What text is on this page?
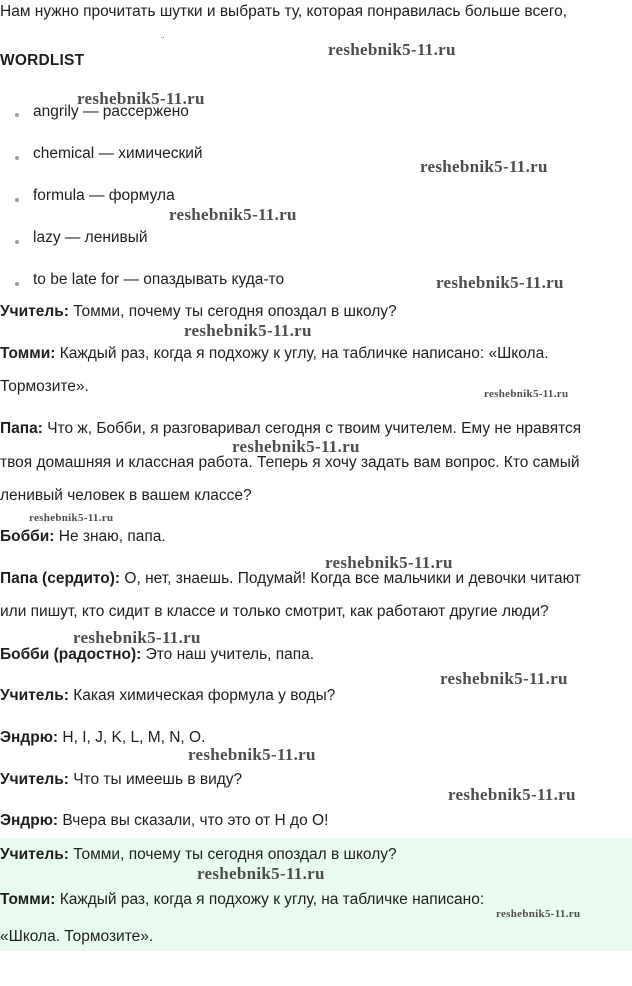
Нам нужно прочитать шутки и выбрать ту, которая понравилась больше всего,
¨
WORDLIST
angrily — рассержено
chemical — химический
formula — формула
lazy — ленивый
to be late for — опаздывать куда-то
Учитель: Томми, почему ты сегодня опоздал в школу?
Томми: Каждый раз, когда я подхожу к углу, на табличке написано: «Школа.
Тормозите».
Папа: Что ж, Бобби, я разговаривал сегодня с твоим учителем. Ему не нравятся
твоя домашняя и классная работа. Теперь я хочу задать вам вопрос. Кто самый
ленивый человек в вашем классе?
Бобби: Не знаю, папа.
Папа (сердито): О, нет, знаешь. Подумай! Когда все мальчики и девочки читают
или пишут, кто сидит в классе и только смотрит, как работают другие люди?
Бобби (радостно): Это наш учитель, папа.
Учитель: Какая химическая формула у воды?
Эндрю: H, I, J, K, L, M, N, O.
Учитель: Что ты имеешь в виду?
Эндрю: Вчера вы сказали, что это от H до O!
Учитель: Томми, почему ты сегодня опоздал в школу?
Томми: Каждый раз, когда я подхожу к углу, на табличке написано:
«Школа. Тормозите».
reshebnik5-11.ru
reshebnik5-11.ru
reshebnik5-11.ru
reshebnik5-11.ru
reshebnik5-11.ru
reshebnik5-11.ru
reshebnik5-11.ru
reshebnik5-11.ru
reshebnik5-11.ru
reshebnik5-11.ru
reshebnik5-11.ru
reshebnik5-11.ru
reshebnik5-11.ru
reshebnik5-11.ru
reshebnik5-11.ru
reshebnik5-11.ru
